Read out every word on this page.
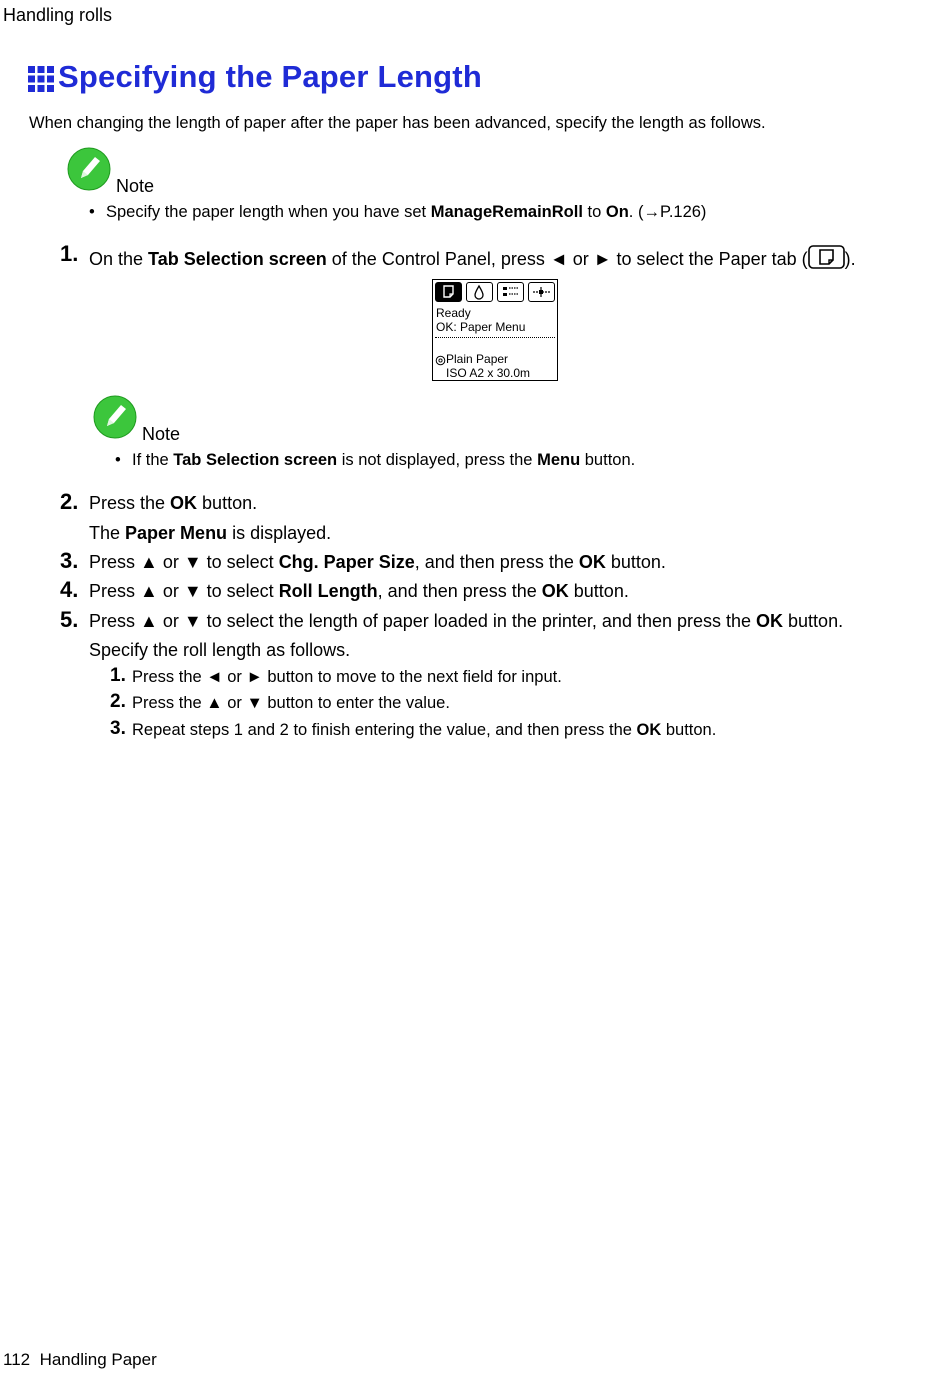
Handling rolls
Specifying the Paper Length
When changing the length of paper after the paper has been advanced, specify the length as follows.
Note
• Specify the paper length when you have set ManageRemainRoll to On. (→P.126)
1. On the Tab Selection screen of the Control Panel, press ◄ or ► to select the Paper tab ( ).
Ready
OK: Paper Menu
Plain Paper
ISO A2 x 30.0m
Note
• If the Tab Selection screen is not displayed, press the Menu button.
2. Press the OK button.
The Paper Menu is displayed.
3. Press ▲ or ▼ to select Chg. Paper Size, and then press the OK button.
4. Press ▲ or ▼ to select Roll Length, and then press the OK button.
5. Press ▲ or ▼ to select the length of paper loaded in the printer, and then press the OK button.
Specify the roll length as follows.
1. Press the ◄ or ► button to move to the next field for input.
2. Press the ▲ or ▼ button to enter the value.
3. Repeat steps 1 and 2 to finish entering the value, and then press the OK button.
112 Handling Paper
